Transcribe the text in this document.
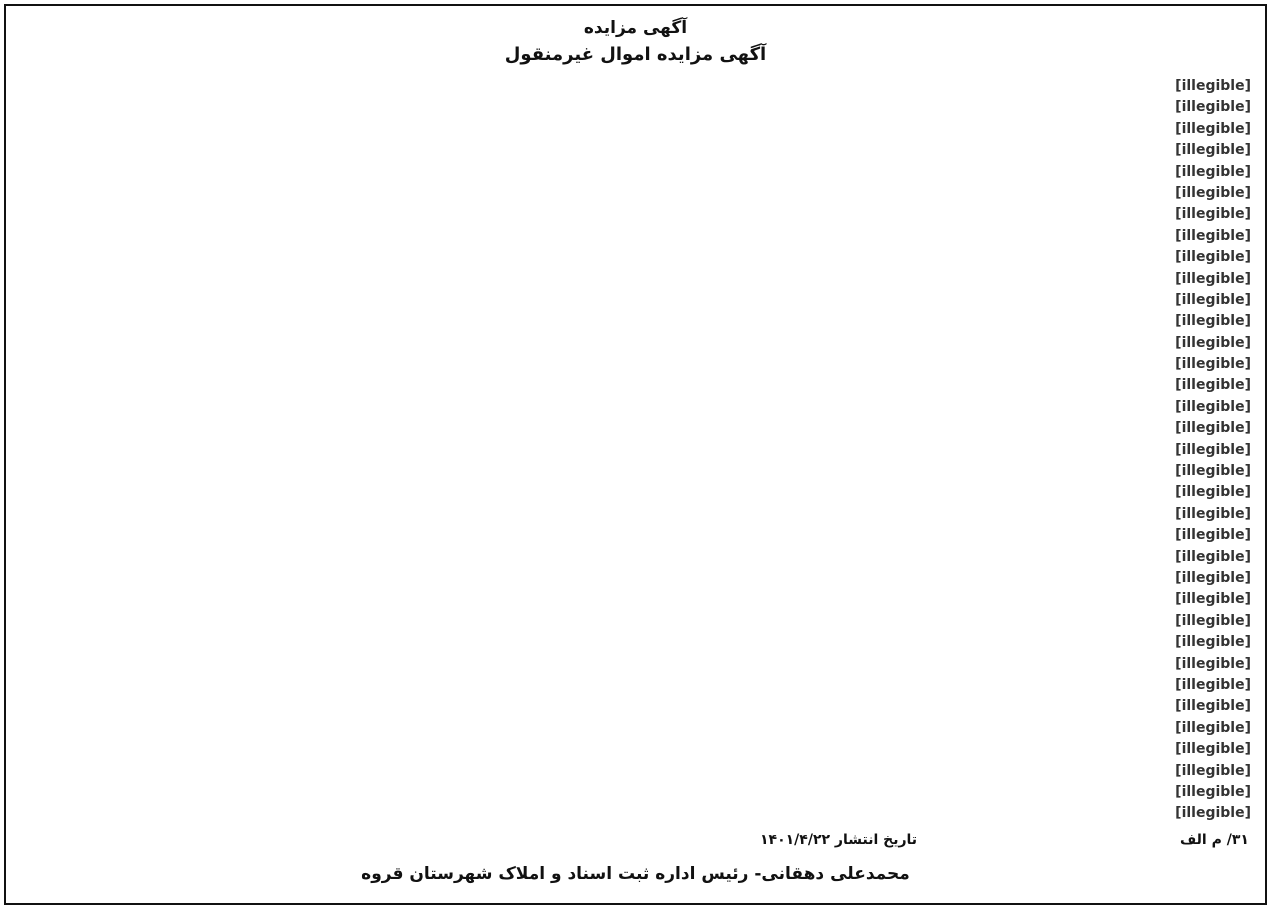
آگهی مزایده
آگهی مزایده اموال غیرمنقول
[illegible]
[illegible]
[illegible]
[illegible]
[illegible]
[illegible]
[illegible]
[illegible]
[illegible]
[illegible]
[illegible]
[illegible]
[illegible]
[illegible]
[illegible]
[illegible]
[illegible]
[illegible]
[illegible]
[illegible]
[illegible]
[illegible]
[illegible]
[illegible]
[illegible]
[illegible]
[illegible]
[illegible]
[illegible]
[illegible]
[illegible]
[illegible]
[illegible]
[illegible]
[illegible]
تاریخ انتشار ۱۴۰۱/۴/۲۲	۳۱/ م الف
محمدعلی دهقانی- رئیس اداره ثبت اسناد و املاک شهرستان قروه
